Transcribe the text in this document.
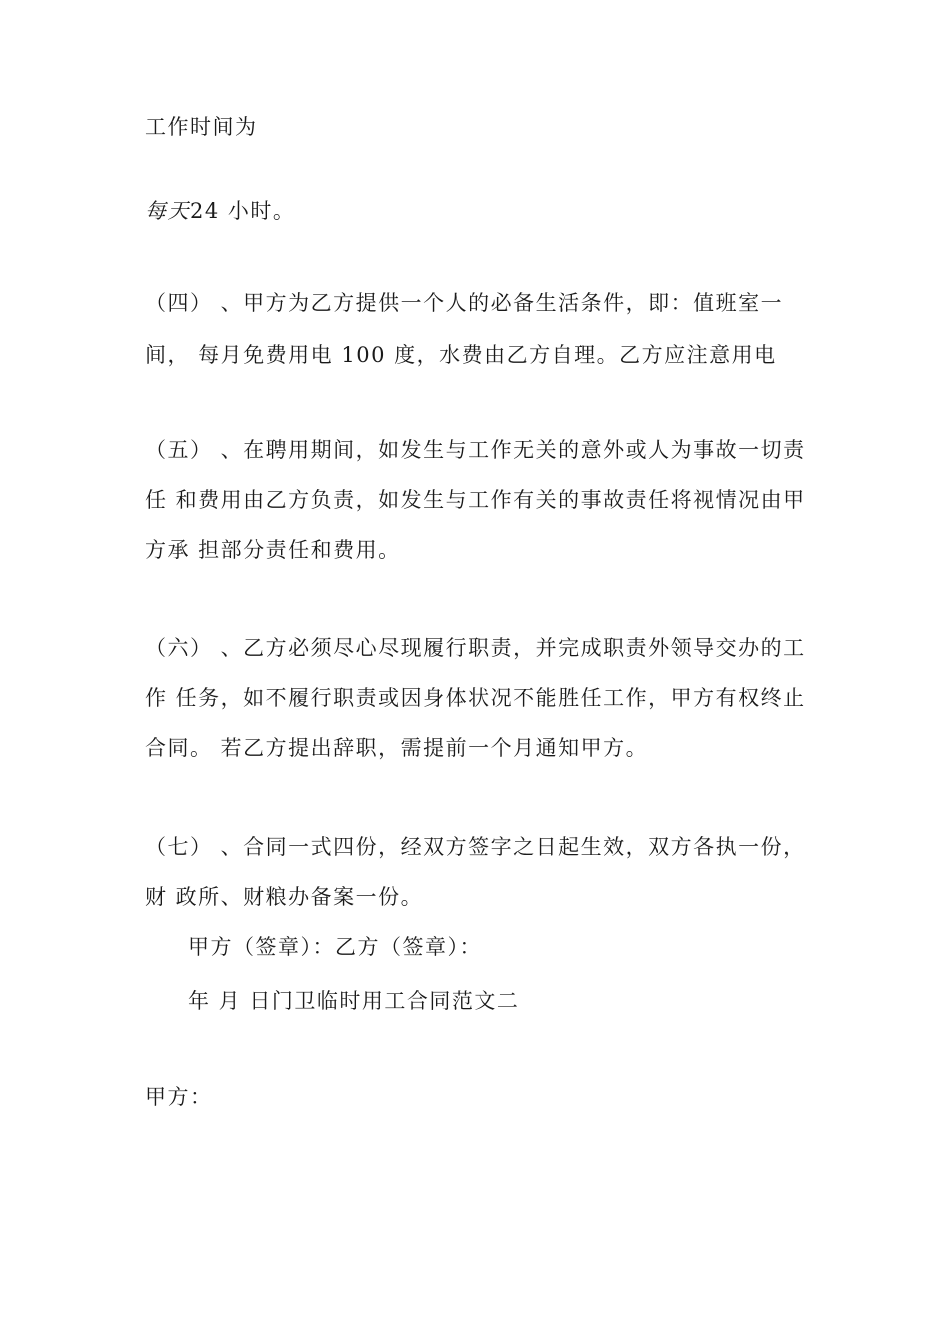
工作时间为
每天24 小时。
（四） 、甲方为乙方提供一个人的必备生活条件，即：值班室一
间， 每月免费用电 100 度，水费由乙方自理。乙方应注意用电
（五） 、在聘用期间，如发生与工作无关的意外或人为事故一切责
任 和费用由乙方负责，如发生与工作有关的事故责任将视情况由甲
方承 担部分责任和费用。
（六） 、乙方必须尽心尽现履行职责，并完成职责外领导交办的工
作 任务，如不履行职责或因身体状况不能胜任工作，甲方有权终止
合同。 若乙方提出辞职，需提前一个月通知甲方。
（七） 、合同一式四份，经双方签字之日起生效，双方各执一份，
财 政所、财粮办备案一份。
甲方（签章）：乙方（签章）：
年 月 日门卫临时用工合同范文二
甲方：
